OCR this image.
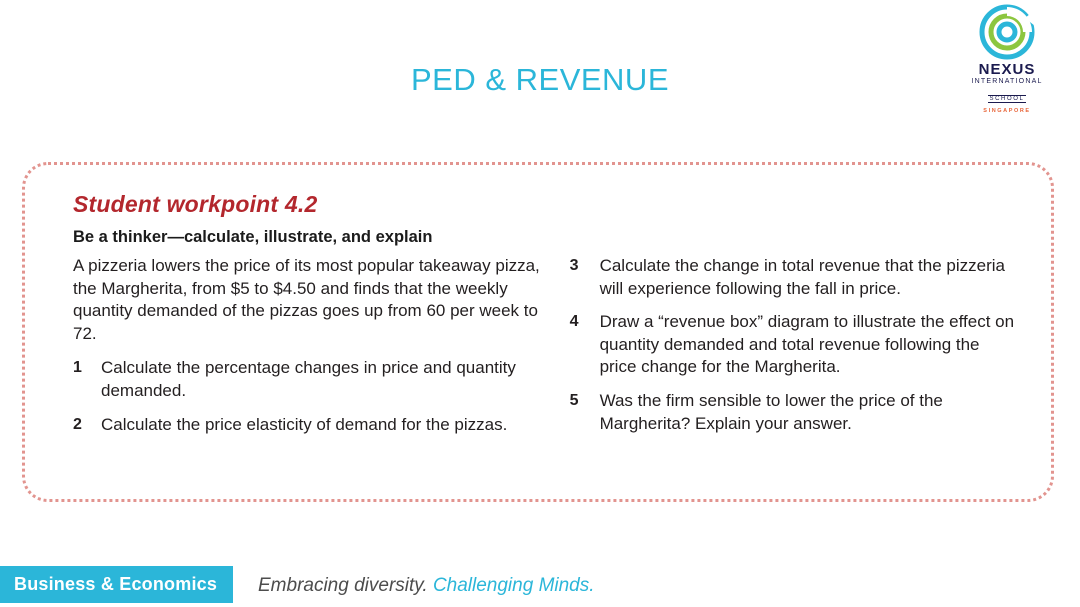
PED & REVENUE	NEXUS
INTERNATIONAL
SCHOOL
SINGAPORE
Student workpoint 4.2
Be a thinker—calculate, illustrate, and explain

A pizzeria lowers the price of its most popular takeaway pizza, the Margherita, from $5 to $4.50 and finds that the weekly quantity demanded of the pizzas goes up from 60 per week to 72.

1 Calculate the percentage changes in price and quantity demanded.
2 Calculate the price elasticity of demand for the pizzas.
3 Calculate the change in total revenue that the pizzeria will experience following the fall in price.
4 Draw a “revenue box” diagram to illustrate the effect on quantity demanded and total revenue following the price change for the Margherita.
5 Was the firm sensible to lower the price of the Margherita? Explain your answer.
Business & Economics	Embracing diversity. Challenging Minds.
